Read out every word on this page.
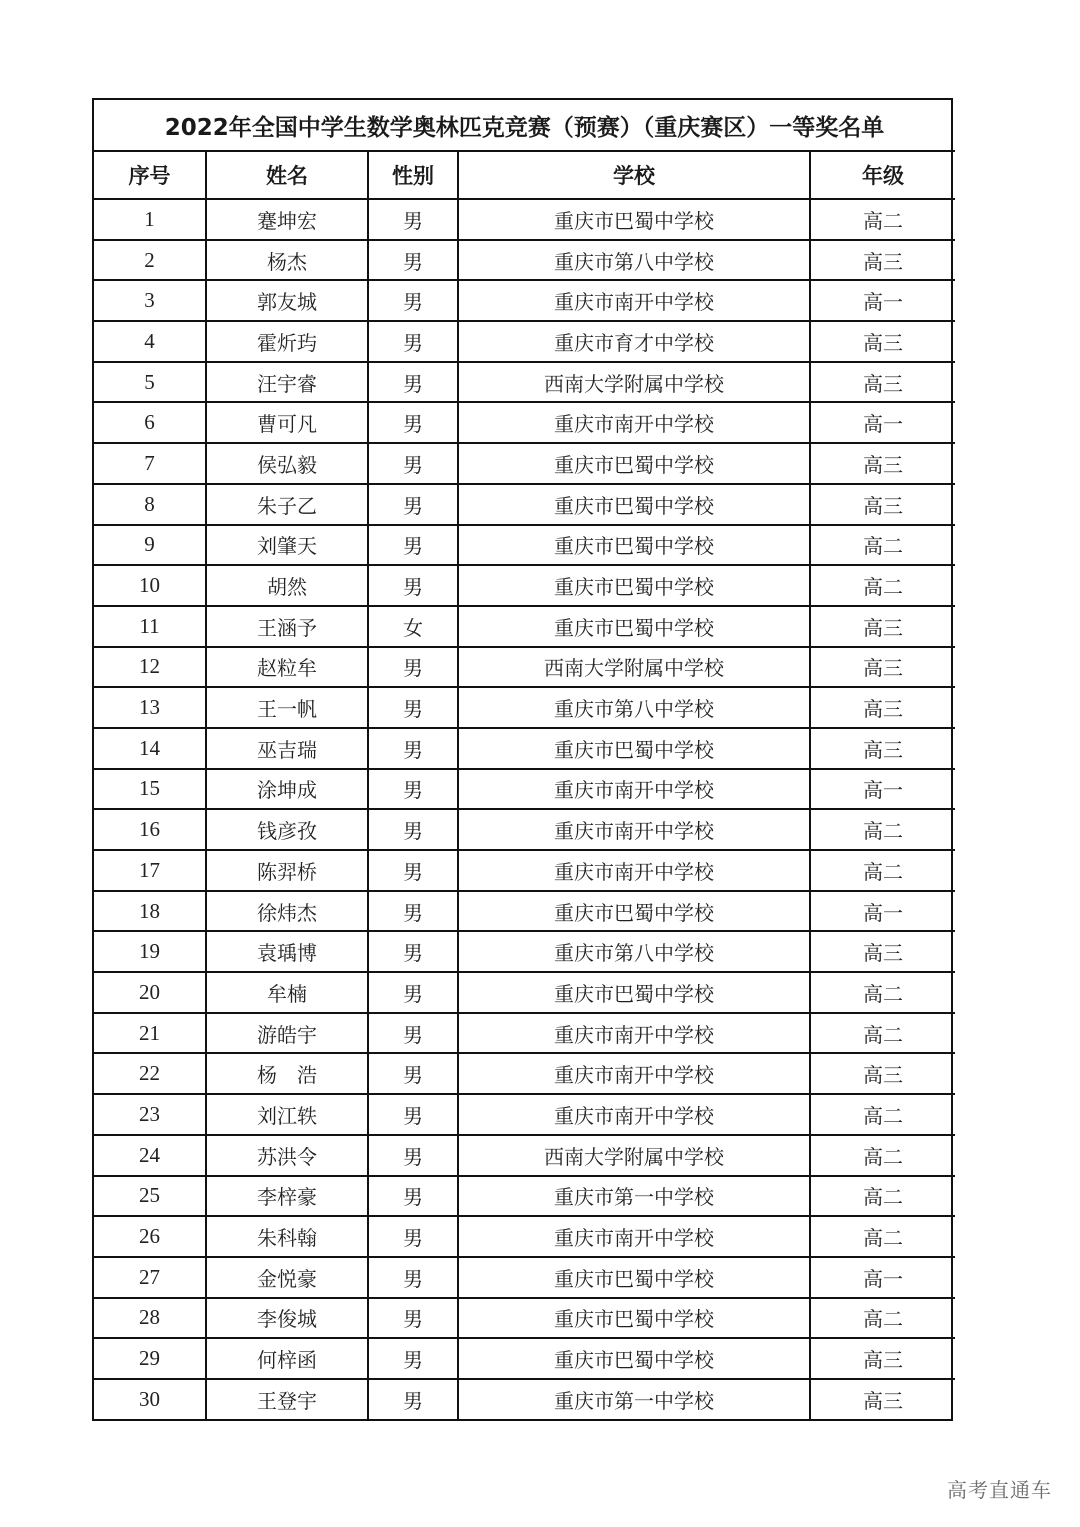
2022年全国中学生数学奥林匹克竞赛（预赛）（重庆赛区）一等奖名单				
序号	姓名	性别	学校	年级
1	蹇坤宏	男	重庆市巴蜀中学校	高二
2	杨杰	男	重庆市第八中学校	高三
3	郭友城	男	重庆市南开中学校	高一
4	霍炘玙	男	重庆市育才中学校	高三
5	汪宇睿	男	西南大学附属中学校	高三
6	曹可凡	男	重庆市南开中学校	高一
7	侯弘毅	男	重庆市巴蜀中学校	高三
8	朱子乙	男	重庆市巴蜀中学校	高三
9	刘肇天	男	重庆市巴蜀中学校	高二
10	胡然	男	重庆市巴蜀中学校	高二
11	王涵予	女	重庆市巴蜀中学校	高三
12	赵粒牟	男	西南大学附属中学校	高三
13	王一帆	男	重庆市第八中学校	高三
14	巫吉瑞	男	重庆市巴蜀中学校	高三
15	涂坤成	男	重庆市南开中学校	高一
16	钱彦孜	男	重庆市南开中学校	高二
17	陈羿桥	男	重庆市南开中学校	高二
18	徐炜杰	男	重庆市巴蜀中学校	高一
19	袁瑀博	男	重庆市第八中学校	高三
20	牟楠	男	重庆市巴蜀中学校	高二
21	游皓宇	男	重庆市南开中学校	高二
22	杨　浩	男	重庆市南开中学校	高三
23	刘江轶	男	重庆市南开中学校	高二
24	苏洪令	男	西南大学附属中学校	高二
25	李梓豪	男	重庆市第一中学校	高二
26	朱科翰	男	重庆市南开中学校	高二
27	金悦豪	男	重庆市巴蜀中学校	高一
28	李俊城	男	重庆市巴蜀中学校	高二
29	何梓函	男	重庆市巴蜀中学校	高三
30	王登宇	男	重庆市第一中学校	高三
高考直通车
